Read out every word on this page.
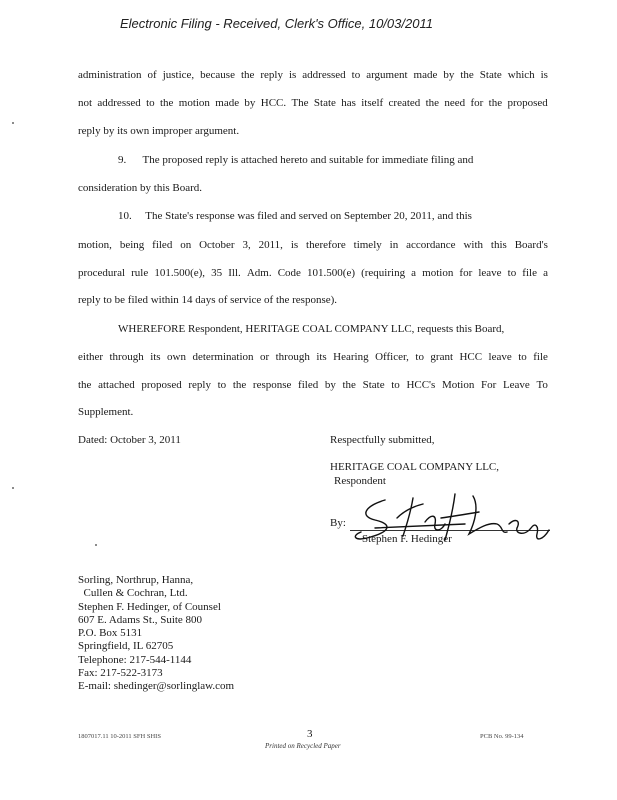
Electronic Filing - Received, Clerk's Office, 10/03/2011
administration of justice, because the reply is addressed to argument made by the State which is
not addressed to the motion made by HCC. The State has itself created the need for the proposed
reply by its own improper argument.
9.      The proposed reply is attached hereto and suitable for immediate filing and
consideration by this Board.
10.     The State's response was filed and served on September 20, 2011, and this
motion, being filed on October 3, 2011, is therefore timely in accordance with this Board's
procedural rule 101.500(e), 35 Ill. Adm. Code 101.500(e) (requiring a motion for leave to file a
reply to be filed within 14 days of service of the response).
WHEREFORE Respondent, HERITAGE COAL COMPANY LLC, requests this Board,
either through its own determination or through its Hearing Officer, to grant HCC leave to file
the attached proposed reply to the response filed by the State to HCC's Motion For Leave To
Supplement.
Dated: October 3, 2011	Respectfully submitted,
HERITAGE COAL COMPANY LLC,
Respondent
By:
Stephen F. Hedinger
Sorling, Northrup, Hanna,
Cullen & Cochran, Ltd.
Stephen F. Hedinger, of Counsel
607 E. Adams St., Suite 800
P.O. Box 5131
Springfield, IL 62705
Telephone: 217-544-1144
Fax: 217-522-3173
E-mail: shedinger@sorlinglaw.com
1807017.11 10-2011 SFH SHIS	3
Printed on Recycled Paper
PCB No. 99-134
